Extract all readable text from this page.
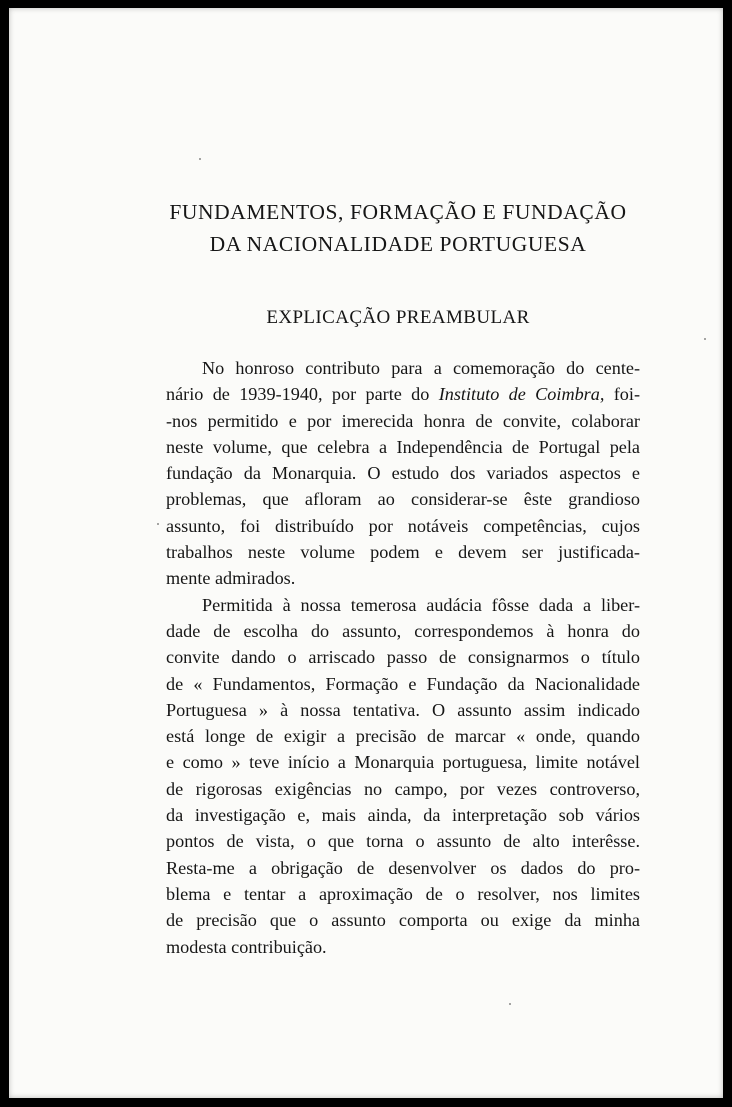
FUNDAMENTOS, FORMAÇÃO E FUNDAÇÃO
DA NACIONALIDADE PORTUGUESA
EXPLICAÇÃO PREAMBULAR
No honroso contributo para a comemoração do cente-
nário de 1939-1940, por parte do Instituto de Coimbra, foi-
-nos permitido e por imerecida honra de convite, colaborar
neste volume, que celebra a Independência de Portugal pela
fundação da Monarquia. O estudo dos variados aspectos e
problemas, que afloram ao considerar-se êste grandioso
assunto, foi distribuído por notáveis competências, cujos
trabalhos neste volume podem e devem ser justificada-
mente admirados.
Permitida à nossa temerosa audácia fôsse dada a liber-
dade de escolha do assunto, correspondemos à honra do
convite dando o arriscado passo de consignarmos o título
de « Fundamentos, Formação e Fundação da Nacionalidade
Portuguesa » à nossa tentativa. O assunto assim indicado
está longe de exigir a precisão de marcar « onde, quando
e como » teve início a Monarquia portuguesa, limite notável
de rigorosas exigências no campo, por vezes controverso,
da investigação e, mais ainda, da interpretação sob vários
pontos de vista, o que torna o assunto de alto interêsse.
Resta-me a obrigação de desenvolver os dados do pro-
blema e tentar a aproximação de o resolver, nos limites
de precisão que o assunto comporta ou exige da minha
modesta contribuição.
